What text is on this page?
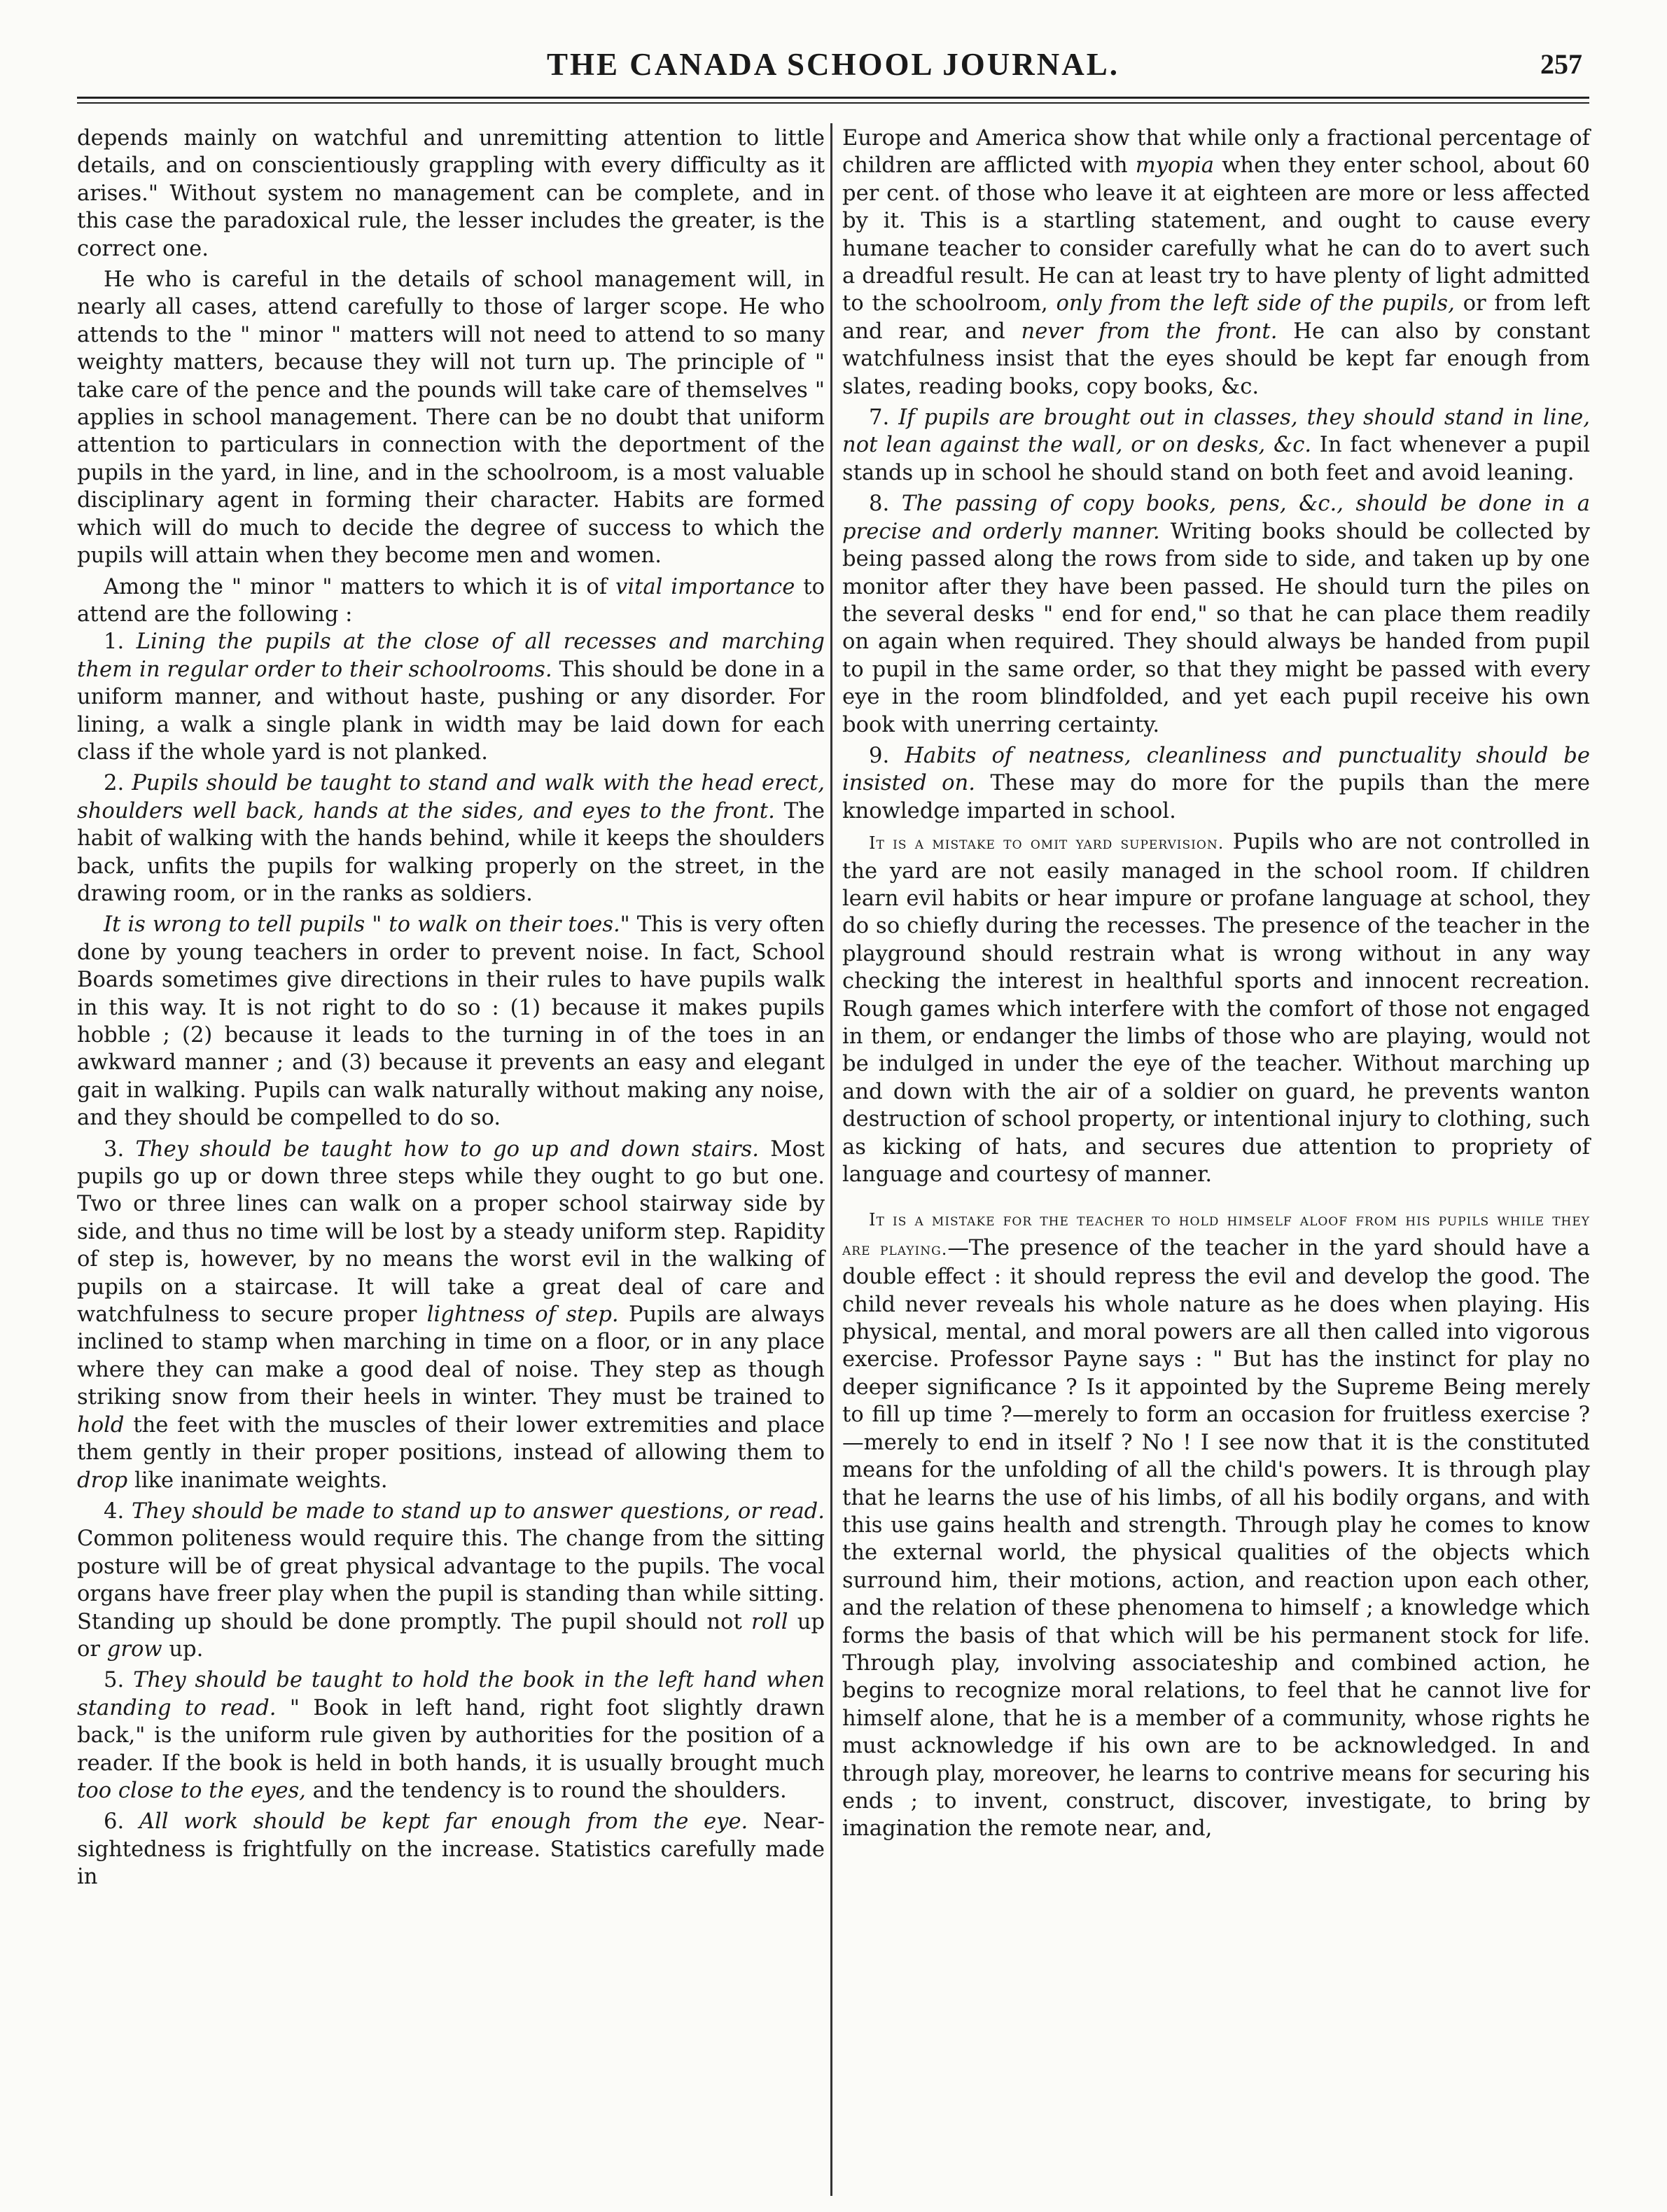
THE CANADA SCHOOL JOURNAL.	257

depends mainly on watchful and unremitting attention to little details, and on conscientiously grappling with every difficulty as it arises." Without system no management can be complete, and in this case the paradoxical rule, the lesser includes the greater, is the correct one.

He who is careful in the details of school management will, in nearly all cases, attend carefully to those of larger scope. He who attends to the " minor " matters will not need to attend to so many weighty matters, because they will not turn up. The principle of " take care of the pence and the pounds will take care of themselves " applies in school management. There can be no doubt that uniform attention to particulars in connection with the deportment of the pupils in the yard, in line, and in the schoolroom, is a most valuable disciplinary agent in forming their character. Habits are formed which will do much to decide the degree of success to which the pupils will attain when they become men and women.

Among the " minor " matters to which it is of vital importance to attend are the following :

1. Lining the pupils at the close of all recesses and marching them in regular order to their schoolrooms. This should be done in a uniform manner, and without haste, pushing or any disorder. For lining, a walk a single plank in width may be laid down for each class if the whole yard is not planked.

2. Pupils should be taught to stand and walk with the head erect, shoulders well back, hands at the sides, and eyes to the front. The habit of walking with the hands behind, while it keeps the shoulders back, unfits the pupils for walking properly on the street, in the drawing room, or in the ranks as soldiers.

It is wrong to tell pupils " to walk on their toes." This is very often done by young teachers in order to prevent noise. In fact, School Boards sometimes give directions in their rules to have pupils walk in this way. It is not right to do so : (1) because it makes pupils hobble ; (2) because it leads to the turning in of the toes in an awkward manner ; and (3) because it prevents an easy and elegant gait in walking. Pupils can walk naturally without making any noise, and they should be compelled to do so.

3. They should be taught how to go up and down stairs. Most pupils go up or down three steps while they ought to go but one. Two or three lines can walk on a proper school stairway side by side, and thus no time will be lost by a steady uniform step. Rapidity of step is, however, by no means the worst evil in the walking of pupils on a staircase. It will take a great deal of care and watchfulness to secure proper lightness of step. Pupils are always inclined to stamp when marching in time on a floor, or in any place where they can make a good deal of noise. They step as though striking snow from their heels in winter. They must be trained to hold the feet with the muscles of their lower extremities and place them gently in their proper positions, instead of allowing them to drop like inanimate weights.

4. They should be made to stand up to answer questions, or read. Common politeness would require this. The change from the sitting posture will be of great physical advantage to the pupils. The vocal organs have freer play when the pupil is standing than while sitting. Standing up should be done promptly. The pupil should not roll up or grow up.

5. They should be taught to hold the book in the left hand when standing to read. " Book in left hand, right foot slightly drawn back," is the uniform rule given by authorities for the position of a reader. If the book is held in both hands, it is usually brought much too close to the eyes, and the tendency is to round the shoulders.

6. All work should be kept far enough from the eye. Near-sightedness is frightfully on the increase. Statistics carefully made in

Europe and America show that while only a fractional percentage of children are afflicted with myopia when they enter school, about 60 per cent. of those who leave it at eighteen are more or less affected by it. This is a startling statement, and ought to cause every humane teacher to consider carefully what he can do to avert such a dreadful result. He can at least try to have plenty of light admitted to the schoolroom, only from the left side of the pupils, or from left and rear, and never from the front. He can also by constant watchfulness insist that the eyes should be kept far enough from slates, reading books, copy books, &c.

7. If pupils are brought out in classes, they should stand in line, not lean against the wall, or on desks, &c. In fact whenever a pupil stands up in school he should stand on both feet and avoid leaning.

8. The passing of copy books, pens, &c., should be done in a precise and orderly manner. Writing books should be collected by being passed along the rows from side to side, and taken up by one monitor after they have been passed. He should turn the piles on the several desks " end for end," so that he can place them readily on again when required. They should always be handed from pupil to pupil in the same order, so that they might be passed with every eye in the room blindfolded, and yet each pupil receive his own book with unerring certainty.

9. Habits of neatness, cleanliness and punctuality should be insisted on. These may do more for the pupils than the mere knowledge imparted in school.

It is a mistake to omit yard supervision. Pupils who are not controlled in the yard are not easily managed in the school room. If children learn evil habits or hear impure or profane language at school, they do so chiefly during the recesses. The presence of the teacher in the playground should restrain what is wrong without in any way checking the interest in healthful sports and innocent recreation. Rough games which interfere with the comfort of those not engaged in them, or endanger the limbs of those who are playing, would not be indulged in under the eye of the teacher. Without marching up and down with the air of a soldier on guard, he prevents wanton destruction of school property, or intentional injury to clothing, such as kicking of hats, and secures due attention to propriety of language and courtesy of manner.

It is a mistake for the teacher to hold himself aloof from his pupils while they are playing.—The presence of the teacher in the yard should have a double effect : it should repress the evil and develop the good. The child never reveals his whole nature as he does when playing. His physical, mental, and moral powers are all then called into vigorous exercise. Professor Payne says : " But has the instinct for play no deeper significance ? Is it appointed by the Supreme Being merely to fill up time ?—merely to form an occasion for fruitless exercise ?—merely to end in itself ? No ! I see now that it is the constituted means for the unfolding of all the child's powers. It is through play that he learns the use of his limbs, of all his bodily organs, and with this use gains health and strength. Through play he comes to know the external world, the physical qualities of the objects which surround him, their motions, action, and reaction upon each other, and the relation of these phenomena to himself ; a knowledge which forms the basis of that which will be his permanent stock for life. Through play, involving associateship and combined action, he begins to recognize moral relations, to feel that he cannot live for himself alone, that he is a member of a community, whose rights he must acknowledge if his own are to be acknowledged. In and through play, moreover, he learns to contrive means for securing his ends ; to invent, construct, discover, investigate, to bring by imagination the remote near, and,
